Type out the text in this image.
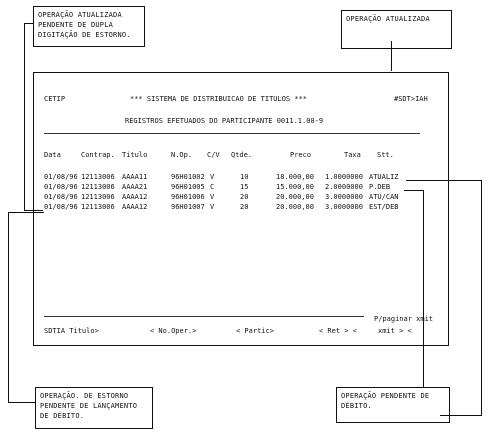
OPERAÇÃO ATUALIZADA
PENDENTE DE DUPLA
DIGITAÇÃO DE ESTORNO.
OPERAÇÃO ATUALIZADA
OPERAÇÃO. DE ESTORNO
PENDENTE DE LANÇAMENTO
DE DÉBITO.
OPERAÇÃO PENDENTE DE
DÉBITO.
CETIP	*** SISTEMA DE DISTRIBUICAO DE TITULOS ***	#SDT>IAH
REGISTROS EFETUADOS DO PARTICIPANTE 0011.1.00-9
Data	Contrap. Titulo	N.Op. C/V Qtde.	Preco	Taxa Stt.
01/08/96 12113006 AAAA11	96H01002 V	10	18.000,00 1.0000000 ATUALIZ
01/08/96 12113006 AAAA21	96H01005 C	15	15.000,00 2.0000000 P.DEB
01/08/96 12113006 AAAA12	96H01006 V	20	20.000,00 3.0000000 ATU/CAN
01/08/96 12113006 AAAA12	96H01007 V	20	20.000,00 3.0000000 EST/DEB
P/paginar xmit
SDTIA Titulo>	< No.Oper.>	< Partic>	< Ret > <	xmit > <
